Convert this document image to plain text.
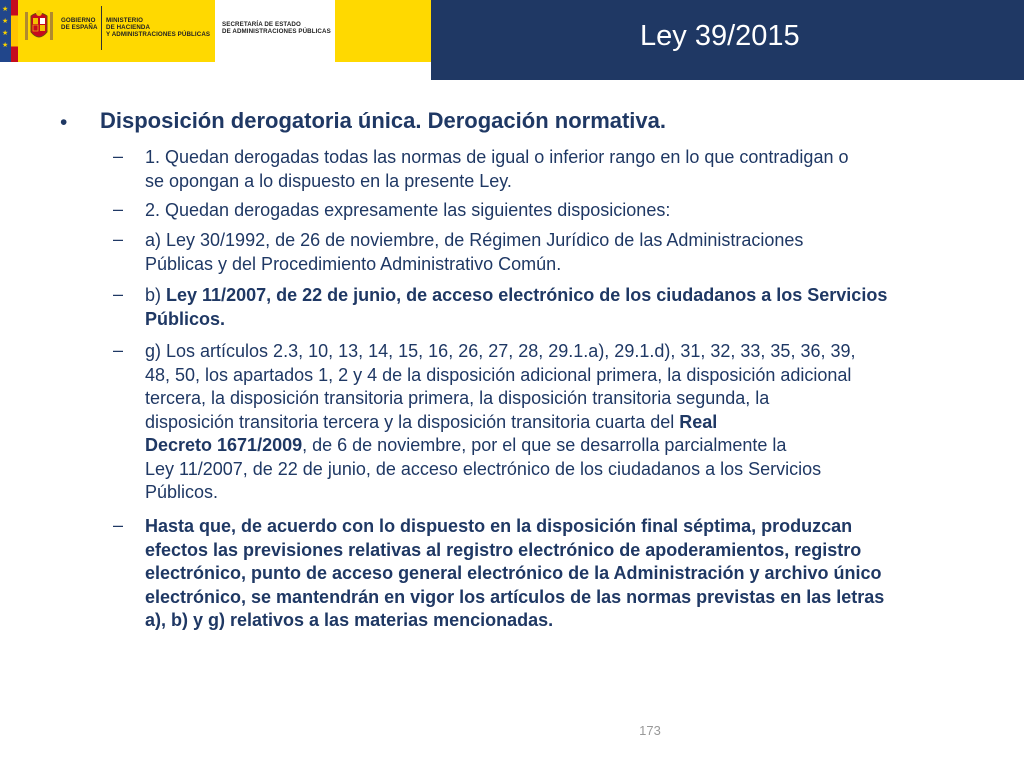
★
★
★
★
GOBIERNO
DE ESPAÑA
MINISTERIO
DE HACIENDA
Y ADMINISTRACIONES PÚBLICAS
SECRETARÍA DE ESTADO
DE ADMINISTRACIONES PÚBLICAS	Ley 39/2015
• Disposición derogatoria única. Derogación normativa.
– 1. Quedan derogadas todas las normas de igual o inferior rango en lo que contradigan o
se opongan a lo dispuesto en la presente Ley.
– 2. Quedan derogadas expresamente las siguientes disposiciones:
– a) Ley 30/1992, de 26 de noviembre, de Régimen Jurídico de las Administraciones
Públicas y del Procedimiento Administrativo Común.
– b) Ley 11/2007, de 22 de junio, de acceso electrónico de los ciudadanos a los Servicios
Públicos.
– g) Los artículos 2.3, 10, 13, 14, 15, 16, 26, 27, 28, 29.1.a), 29.1.d), 31, 32, 33, 35, 36, 39,
48, 50, los apartados 1, 2 y 4 de la disposición adicional primera, la disposición adicional
tercera, la disposición transitoria primera, la disposición transitoria segunda, la
disposición transitoria tercera y la disposición transitoria cuarta del Real
Decreto 1671/2009, de 6 de noviembre, por el que se desarrolla parcialmente la
Ley 11/2007, de 22 de junio, de acceso electrónico de los ciudadanos a los Servicios
Públicos.
– Hasta que, de acuerdo con lo dispuesto en la disposición final séptima, produzcan
efectos las previsiones relativas al registro electrónico de apoderamientos, registro
electrónico, punto de acceso general electrónico de la Administración y archivo único
electrónico, se mantendrán en vigor los artículos de las normas previstas en las letras
a), b) y g) relativos a las materias mencionadas.
173
